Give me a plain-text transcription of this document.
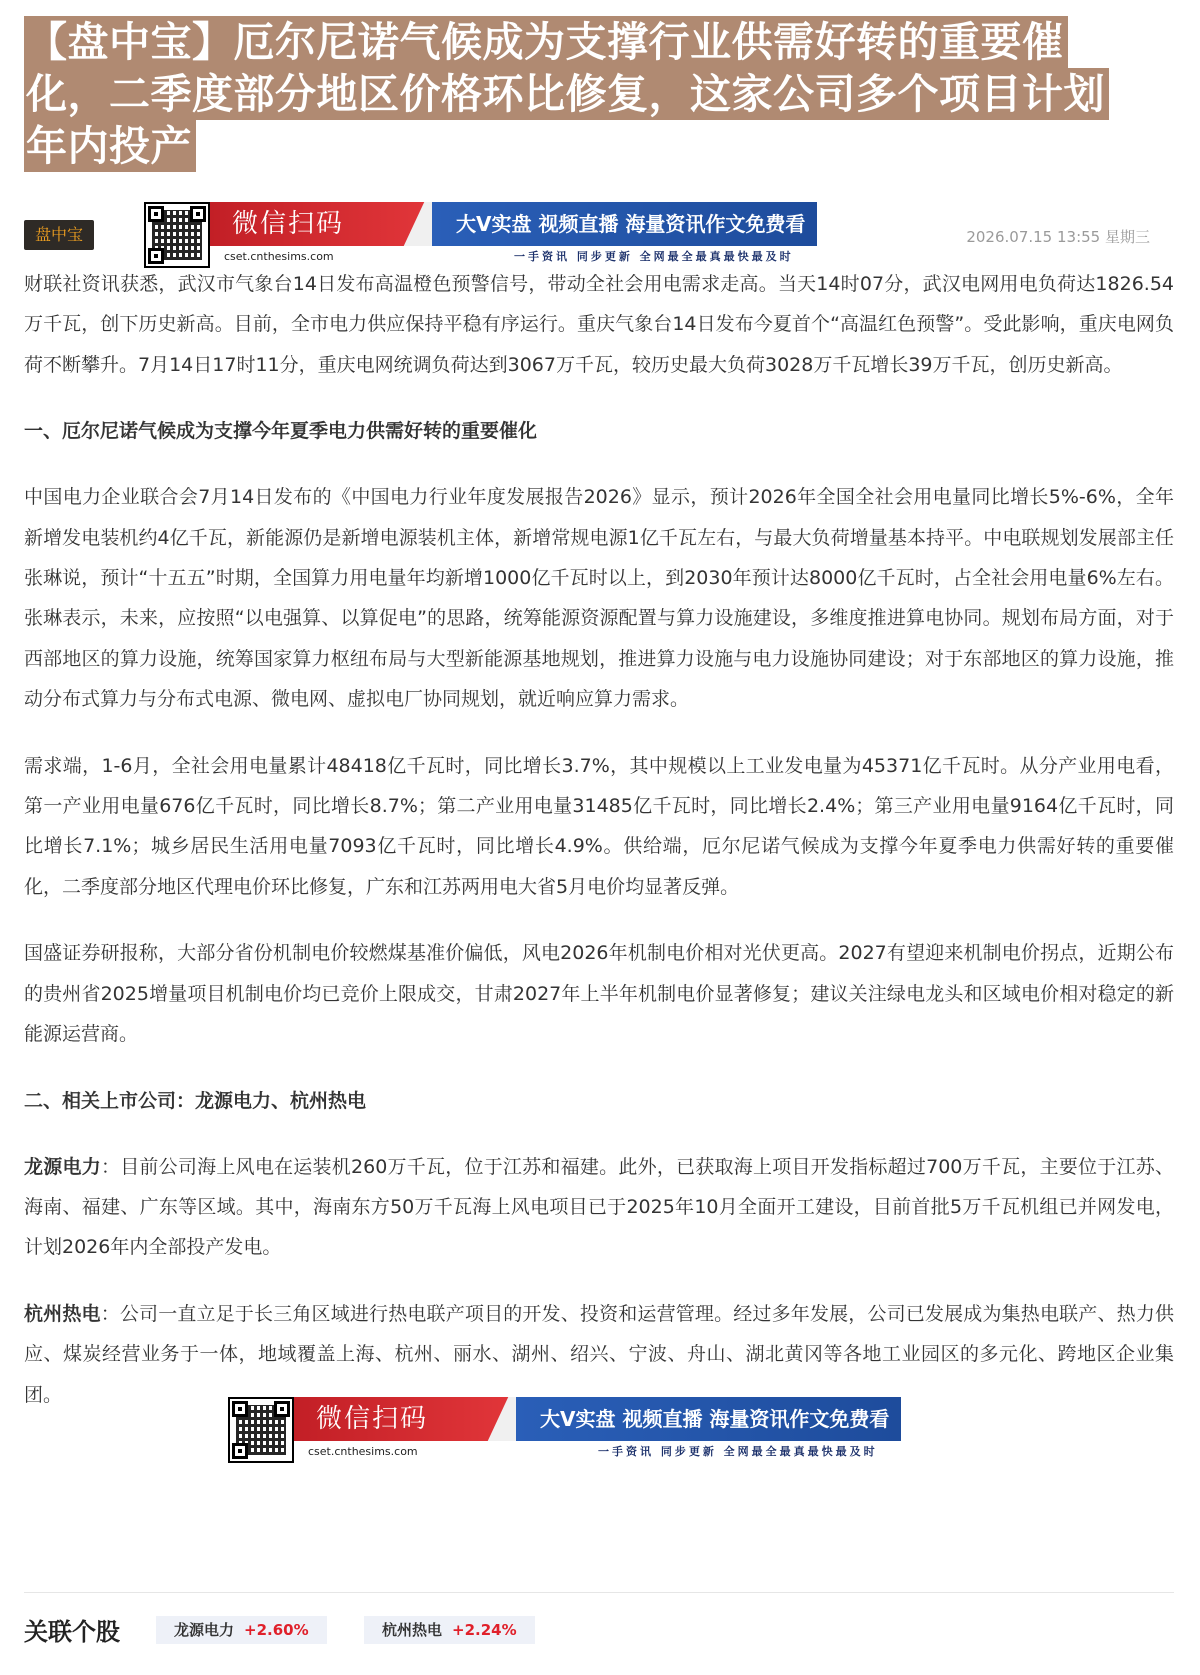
【盘中宝】厄尔尼诺气候成为支撑行业供需好转的重要催
化，二季度部分地区价格环比修复，这家公司多个项目计划
年内投产
盘中宝	微信扫码	大V实盘 视频直播 海量资讯作文免费看
cset.cnthesims.com	一手资讯 同步更新 全网最全最真最快最及时
2026.07.15 13:55 星期三

财联社资讯获悉，武汉市气象台14日发布高温橙色预警信号，带动全社会用电需求走高。当天14时07分，武汉电网用电负荷达1826.54万千瓦，创下历史新高。目前，全市电力供应保持平稳有序运行。重庆气象台14日发布今夏首个“高温红色预警”。受此影响，重庆电网负荷不断攀升。7月14日17时11分，重庆电网统调负荷达到3067万千瓦，较历史最大负荷3028万千瓦增长39万千瓦，创历史新高。

一、厄尔尼诺气候成为支撑今年夏季电力供需好转的重要催化

中国电力企业联合会7月14日发布的《中国电力行业年度发展报告2026》显示，预计2026年全国全社会用电量同比增长5%-6%，全年新增发电装机约4亿千瓦，新能源仍是新增电源装机主体，新增常规电源1亿千瓦左右，与最大负荷增量基本持平。中电联规划发展部主任张琳说，预计“十五五”时期，全国算力用电量年均新增1000亿千瓦时以上，到2030年预计达8000亿千瓦时，占全社会用电量6%左右。张琳表示，未来，应按照“以电强算、以算促电”的思路，统筹能源资源配置与算力设施建设，多维度推进算电协同。规划布局方面，对于西部地区的算力设施，统筹国家算力枢纽布局与大型新能源基地规划，推进算力设施与电力设施协同建设；对于东部地区的算力设施，推动分布式算力与分布式电源、微电网、虚拟电厂协同规划，就近响应算力需求。

需求端，1-6月，全社会用电量累计48418亿千瓦时，同比增长3.7%，其中规模以上工业发电量为45371亿千瓦时。从分产业用电看，第一产业用电量676亿千瓦时，同比增长8.7%；第二产业用电量31485亿千瓦时，同比增长2.4%；第三产业用电量9164亿千瓦时，同比增长7.1%；城乡居民生活用电量7093亿千瓦时，同比增长4.9%。供给端，厄尔尼诺气候成为支撑今年夏季电力供需好转的重要催化，二季度部分地区代理电价环比修复，广东和江苏两用电大省5月电价均显著反弹。

国盛证券研报称，大部分省份机制电价较燃煤基准价偏低，风电2026年机制电价相对光伏更高。2027有望迎来机制电价拐点，近期公布的贵州省2025增量项目机制电价均已竞价上限成交，甘肃2027年上半年机制电价显著修复；建议关注绿电龙头和区域电价相对稳定的新能源运营商。

二、相关上市公司：龙源电力、杭州热电

龙源电力：目前公司海上风电在运装机260万千瓦，位于江苏和福建。此外，已获取海上项目开发指标超过700万千瓦，主要位于江苏、海南、福建、广东等区域。其中，海南东方50万千瓦海上风电项目已于2025年10月全面开工建设，目前首批5万千瓦机组已并网发电，计划2026年内全部投产发电。

杭州热电：公司一直立足于长三角区域进行热电联产项目的开发、投资和运营管理。经过多年发展，公司已发展成为集热电联产、热力供应、煤炭经营业务于一体，地域覆盖上海、杭州、丽水、湖州、绍兴、宁波、舟山、湖北黄冈等各地工业园区的多元化、跨地区企业集团。

微信扫码	大V实盘 视频直播 海量资讯作文免费看
cset.cnthesims.com	一手资讯 同步更新 全网最全最真最快最及时
关联个股	龙源电力 +2.60%	杭州热电 +2.24%
